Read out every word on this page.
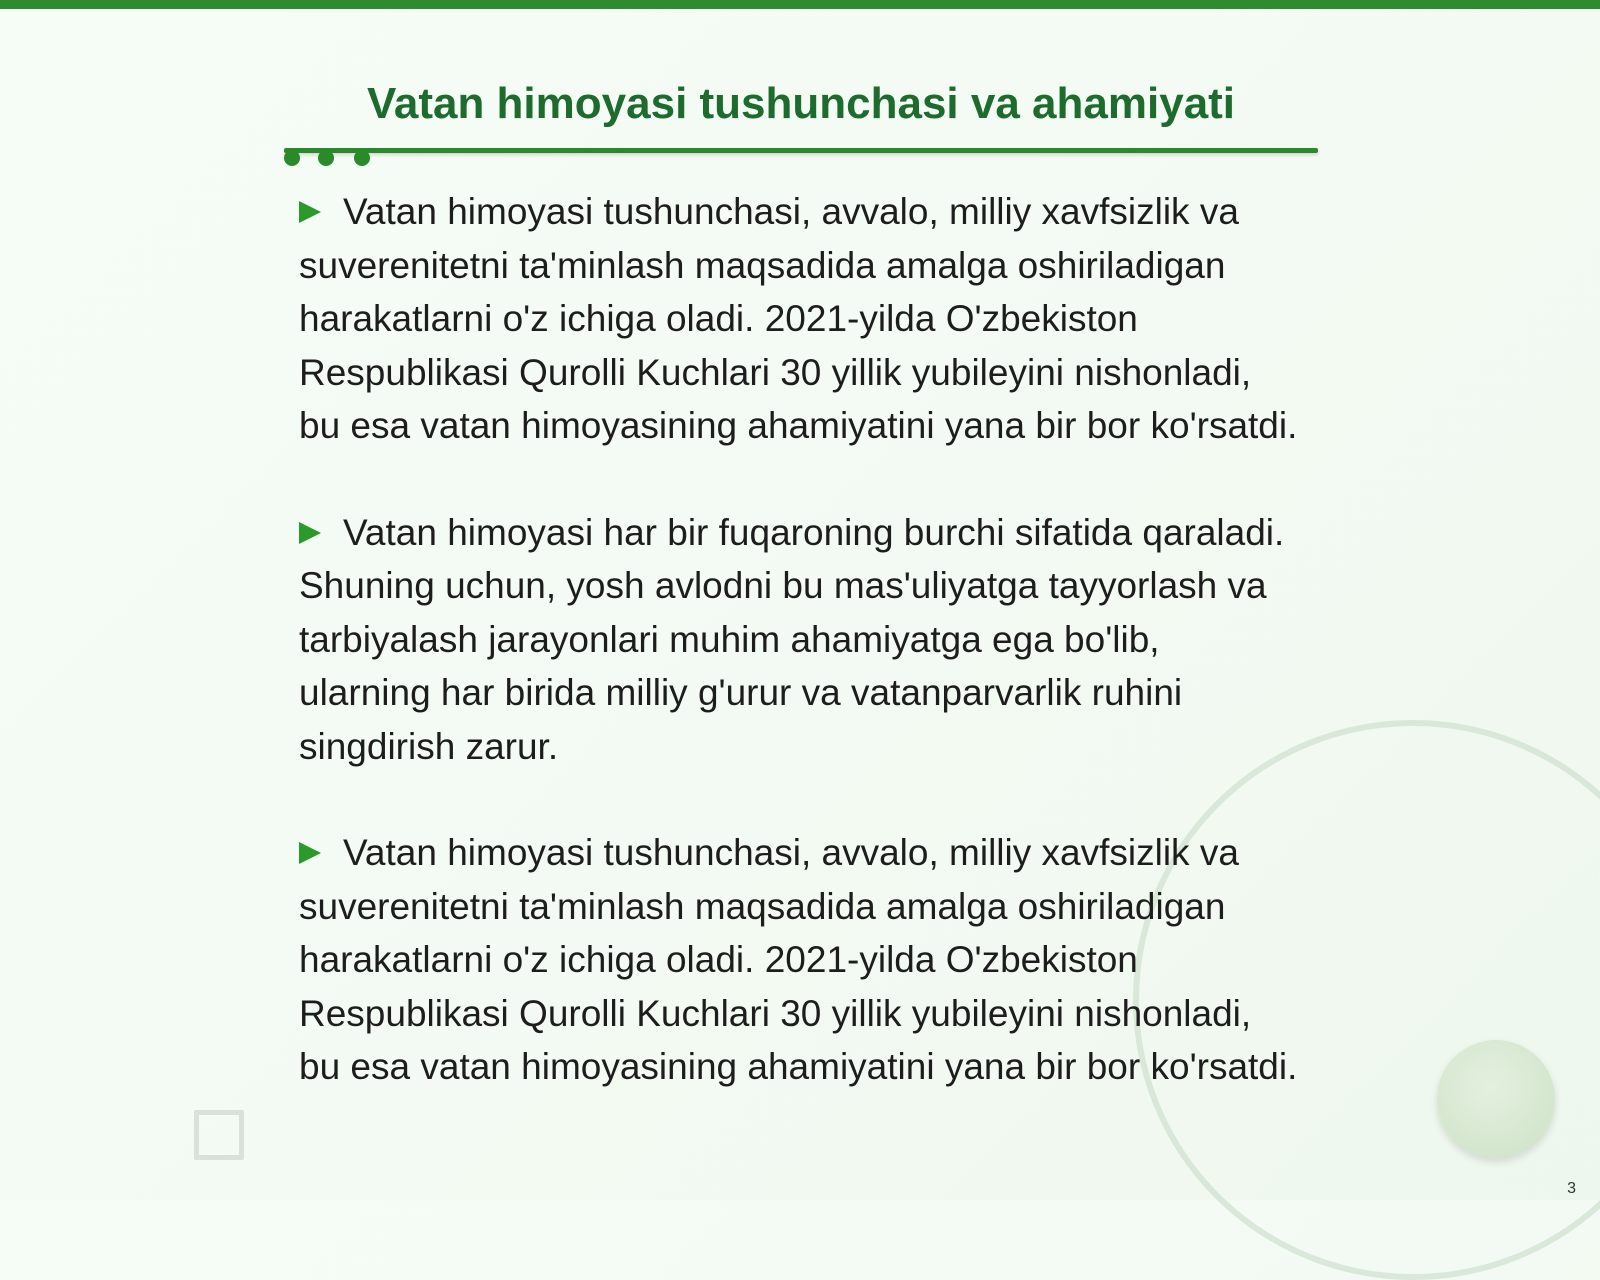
Vatan himoyasi tushunchasi va ahamiyati

Vatan himoyasi tushunchasi, avvalo, milliy xavfsizlik va suverenitetni ta'minlash maqsadida amalga oshiriladigan harakatlarni o'z ichiga oladi. 2021-yilda O'zbekiston Respublikasi Qurolli Kuchlari 30 yillik yubileyini nishonladi, bu esa vatan himoyasining ahamiyatini yana bir bor ko'rsatdi.

Vatan himoyasi har bir fuqaroning burchi sifatida qaraladi. Shuning uchun, yosh avlodni bu mas'uliyatga tayyorlash va tarbiyalash jarayonlari muhim ahamiyatga ega bo'lib, ularning har birida milliy g'urur va vatanparvarlik ruhini singdirish zarur.

Vatan himoyasi tushunchasi, avvalo, milliy xavfsizlik va suverenitetni ta'minlash maqsadida amalga oshiriladigan harakatlarni o'z ichiga oladi. 2021-yilda O'zbekiston Respublikasi Qurolli Kuchlari 30 yillik yubileyini nishonladi, bu esa vatan himoyasining ahamiyatini yana bir bor ko'rsatdi.

3
